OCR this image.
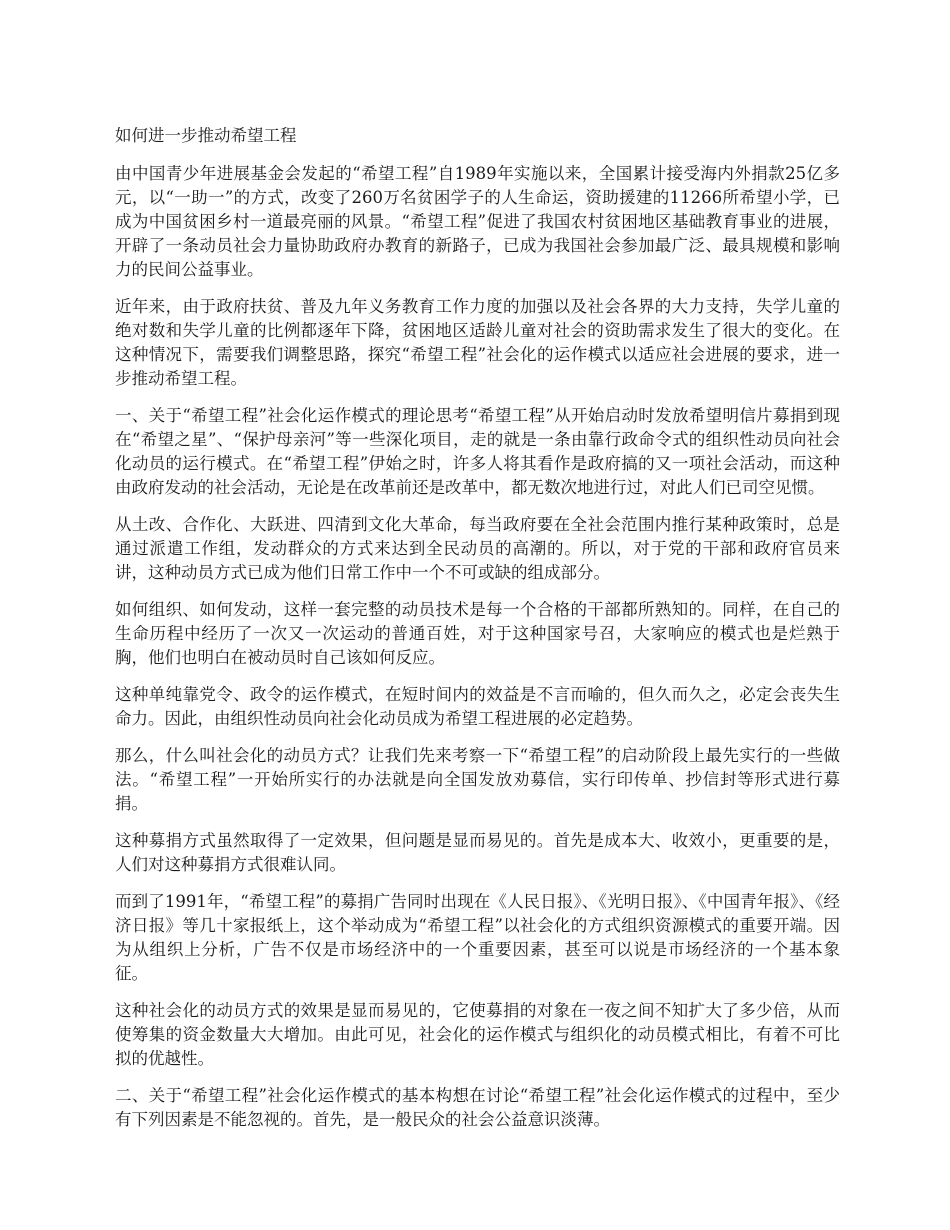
如何进一步推动希望工程

由中国青少年进展基金会发起的“希望工程”自1989年实施以来，全国累计接受海内外捐款25亿多元，以“一助一”的方式，改变了260万名贫困学子的人生命运，资助援建的11266所希望小学，已成为中国贫困乡村一道最亮丽的风景。“希望工程”促进了我国农村贫困地区基础教育事业的进展，开辟了一条动员社会力量协助政府办教育的新路子，已成为我国社会参加最广泛、最具规模和影响力的民间公益事业。

近年来，由于政府扶贫、普及九年义务教育工作力度的加强以及社会各界的大力支持，失学儿童的绝对数和失学儿童的比例都逐年下降，贫困地区适龄儿童对社会的资助需求发生了很大的变化。在这种情况下，需要我们调整思路，探究“希望工程”社会化的运作模式以适应社会进展的要求，进一步推动希望工程。

一、关于“希望工程”社会化运作模式的理论思考“希望工程”从开始启动时发放希望明信片募捐到现在“希望之星”、“保护母亲河”等一些深化项目，走的就是一条由靠行政命令式的组织性动员向社会化动员的运行模式。在“希望工程”伊始之时，许多人将其看作是政府搞的又一项社会活动，而这种由政府发动的社会活动，无论是在改革前还是改革中，都无数次地进行过，对此人们已司空见惯。

从土改、合作化、大跃进、四清到文化大革命，每当政府要在全社会范围内推行某种政策时，总是通过派遣工作组，发动群众的方式来达到全民动员的高潮的。所以，对于党的干部和政府官员来讲，这种动员方式已成为他们日常工作中一个不可或缺的组成部分。

如何组织、如何发动，这样一套完整的动员技术是每一个合格的干部都所熟知的。同样，在自己的生命历程中经历了一次又一次运动的普通百姓，对于这种国家号召，大家响应的模式也是烂熟于胸，他们也明白在被动员时自己该如何反应。

这种单纯靠党令、政令的运作模式，在短时间内的效益是不言而喻的，但久而久之，必定会丧失生命力。因此，由组织性动员向社会化动员成为希望工程进展的必定趋势。

那么，什么叫社会化的动员方式？让我们先来考察一下“希望工程”的启动阶段上最先实行的一些做法。“希望工程”一开始所实行的办法就是向全国发放劝募信，实行印传单、抄信封等形式进行募捐。

这种募捐方式虽然取得了一定效果，但问题是显而易见的。首先是成本大、收效小，更重要的是，人们对这种募捐方式很难认同。

而到了1991年，“希望工程”的募捐广告同时出现在《人民日报》、《光明日报》、《中国青年报》、《经济日报》等几十家报纸上，这个举动成为“希望工程”以社会化的方式组织资源模式的重要开端。因为从组织上分析，广告不仅是市场经济中的一个重要因素，甚至可以说是市场经济的一个基本象征。

这种社会化的动员方式的效果是显而易见的，它使募捐的对象在一夜之间不知扩大了多少倍，从而使筹集的资金数量大大增加。由此可见，社会化的运作模式与组织化的动员模式相比，有着不可比拟的优越性。

二、关于“希望工程”社会化运作模式的基本构想在讨论“希望工程”社会化运作模式的过程中，至少有下列因素是不能忽视的。首先，是一般民众的社会公益意识淡薄。
